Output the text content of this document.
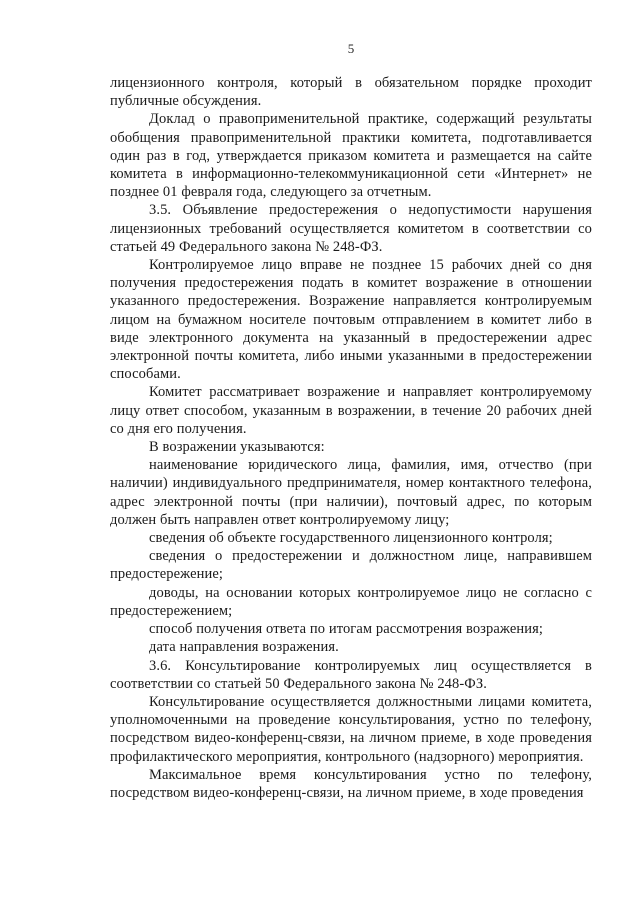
5

лицензионного контроля, который в обязательном порядке проходит публичные обсуждения.

Доклад о правоприменительной практике, содержащий результаты обобщения правоприменительной практики комитета, подготавливается один раз в год, утверждается приказом комитета и размещается на сайте комитета в информационно-телекоммуникационной сети «Интернет» не позднее 01 февраля года, следующего за отчетным.

3.5. Объявление предостережения о недопустимости нарушения лицензионных требований осуществляется комитетом в соответствии со статьей 49 Федерального закона № 248-ФЗ.

Контролируемое лицо вправе не позднее 15 рабочих дней со дня получения предостережения подать в комитет возражение в отношении указанного предостережения. Возражение направляется контролируемым лицом на бумажном носителе почтовым отправлением в комитет либо в виде электронного документа на указанный в предостережении адрес электронной почты комитета, либо иными указанными в предостережении способами.

Комитет рассматривает возражение и направляет контролируемому лицу ответ способом, указанным в возражении, в течение 20 рабочих дней со дня его получения.

В возражении указываются:

наименование юридического лица, фамилия, имя, отчество (при наличии) индивидуального предпринимателя, номер контактного телефона, адрес электронной почты (при наличии), почтовый адрес, по которым должен быть направлен ответ контролируемому лицу;

сведения об объекте государственного лицензионного контроля;

сведения о предостережении и должностном лице, направившем предостережение;

доводы, на основании которых контролируемое лицо не согласно с предостережением;

способ получения ответа по итогам рассмотрения возражения;

дата направления возражения.

3.6. Консультирование контролируемых лиц осуществляется в соответствии со статьей 50 Федерального закона № 248-ФЗ.

Консультирование осуществляется должностными лицами комитета, уполномоченными на проведение консультирования, устно по телефону, посредством видео-конференц-связи, на личном приеме, в ходе проведения профилактического мероприятия, контрольного (надзорного) мероприятия.

Максимальное время консультирования устно по телефону, посредством видео-конференц-связи, на личном приеме, в ходе проведения
